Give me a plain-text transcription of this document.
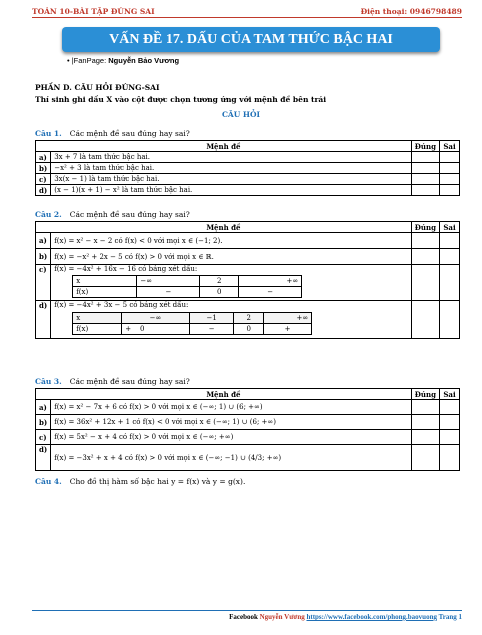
TOÁN 10-BÀI TẬP ĐÚNG SAI	Điện thoại: 0946798489
VẤN ĐỀ 17. DẤU CỦA TAM THỨC BẬC HAI
• |FanPage: Nguyễn Bảo Vương
PHẦN D. CÂU HỎI ĐÚNG-SAI
Thí sinh ghi dấu X vào cột được chọn tương ứng với mệnh đề bên trái
CÂU HỎI
Câu 1. Các mệnh đề sau đúng hay sai?
Mệnh đề		Đúng	Sai
a)	3x + 7 là tam thức bậc hai.		
b)	−x² + 3 là tam thức bậc hai.		
c)	3x(x − 1) là tam thức bậc hai.		
d)	(x − 1)(x + 1) − x² là tam thức bậc hai.		
Câu 2. Các mệnh đề sau đúng hay sai?
Mệnh đề	Đúng	Sai
a)	f(x) = x² − x − 2 có f(x) < 0 với mọi x ∈ (−1; 2).		
b)	f(x) = −x² + 2x − 5 có f(x) > 0 với mọi x ∈ ℝ.		
c)	f(x) = −4x² + 16x − 16 có bảng xét dấu:
x	−∞	2	+∞
f(x)	−	0	−

d)	f(x) = −4x² + 3x − 5 có bảng xét dấu:
x	−∞	−1	2	+∞
f(x)	+ 0	−	0	+

Câu 3. Các mệnh đề sau đúng hay sai?
Mệnh đề		Đúng	Sai
a)	f(x) = x² − 7x + 6 có f(x) > 0 với mọi x ∈ (−∞; 1) ∪ (6; +∞)		
b)	f(x) = 36x² + 12x + 1 có f(x) < 0 với mọi x ∈ (−∞; 1) ∪ (6; +∞)		
c)	f(x) = 5x² − x + 4 có f(x) > 0 với mọi x ∈ (−∞; +∞)		
d)	f(x) = −3x² + x + 4 có f(x) > 0 với mọi x ∈ (−∞; −1) ∪ (4/3; +∞)		
Câu 4. Cho đồ thị hàm số bậc hai y = f(x) và y = g(x).
Facebook Nguyễn Vương https://www.facebook.com/phong.baovuong Trang 1
